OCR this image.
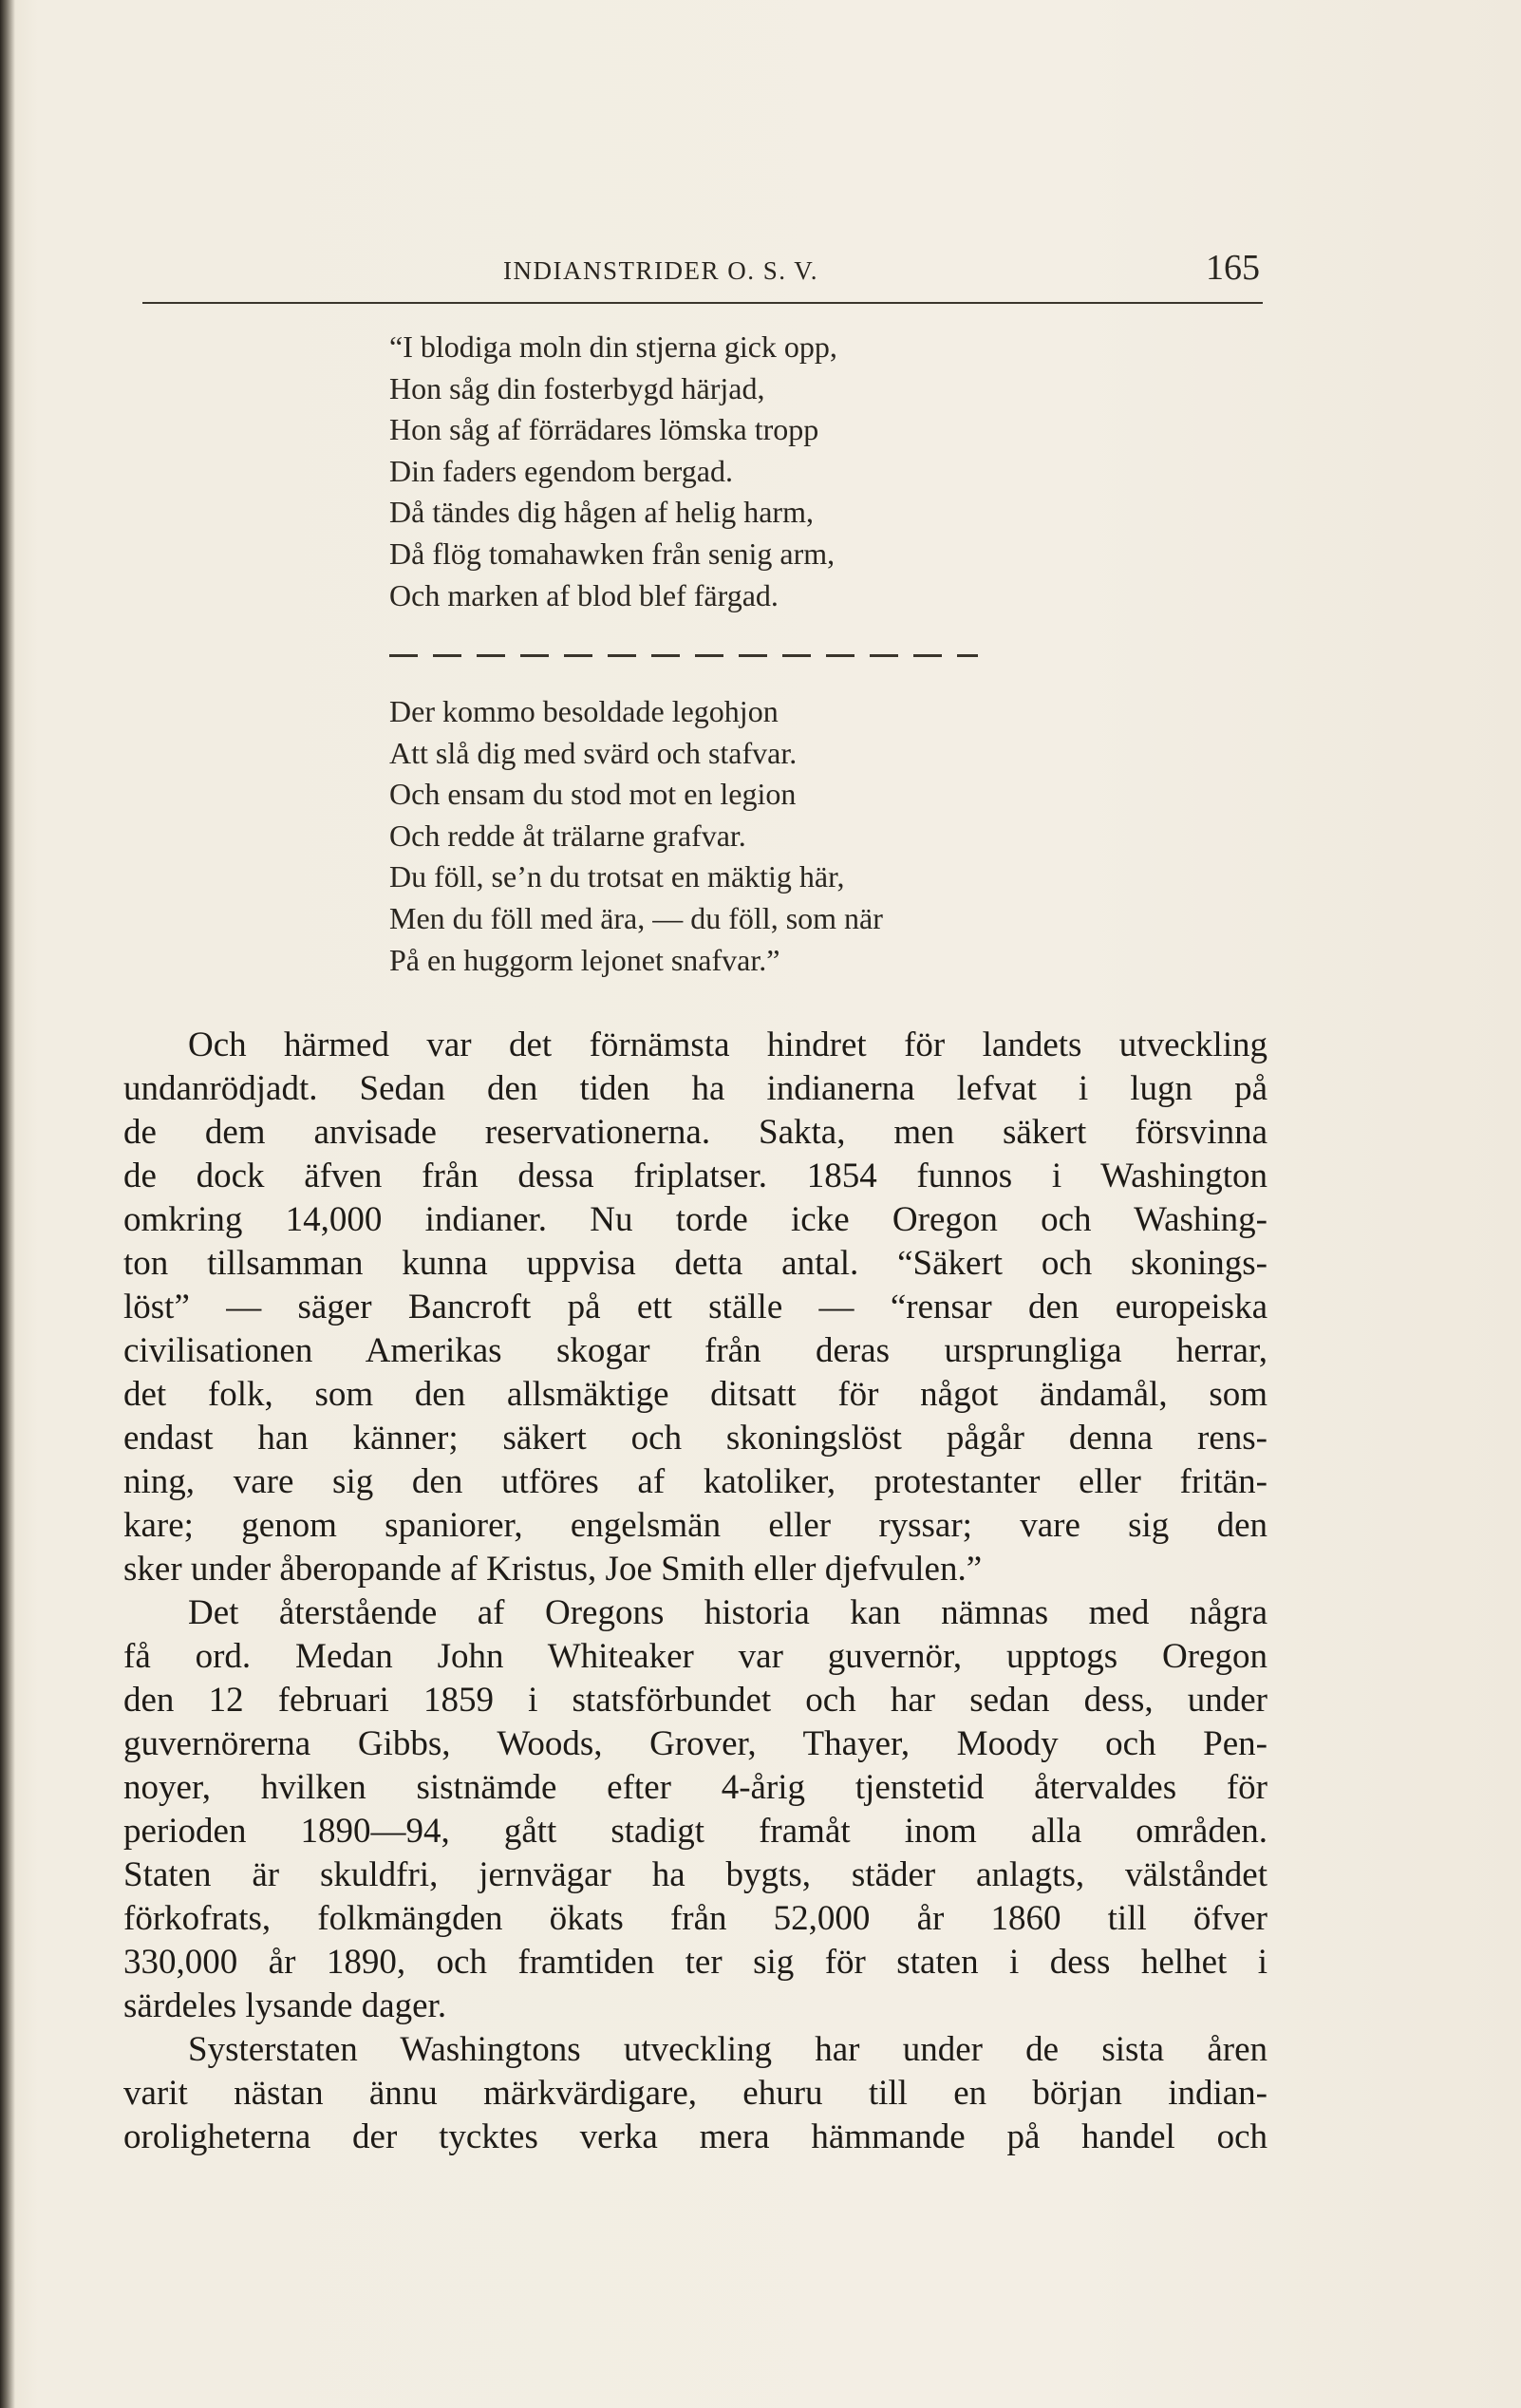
INDIANSTRIDER O. S. V.	165
“I blodiga moln din stjerna gick opp,
Hon såg din fosterbygd härjad,
Hon såg af förrädares lömska tropp
Din faders egendom bergad.
Då tändes dig hågen af helig harm,
Då flög tomahawken från senig arm,
Och marken af blod blef färgad.
Der kommo besoldade legohjon
Att slå dig med svärd och stafvar.
Och ensam du stod mot en legion
Och redde åt trälarne grafvar.
Du föll, se’n du trotsat en mäktig här,
Men du föll med ära, — du föll, som när
På en huggorm lejonet snafvar.”
Och härmed var det förnämsta hindret för landets utveckling
undanrödjadt. Sedan den tiden ha indianerna lefvat i lugn på
de dem anvisade reservationerna. Sakta, men säkert försvinna
de dock äfven från dessa friplatser. 1854 funnos i Washington
omkring 14,000 indianer. Nu torde icke Oregon och Washing-
ton tillsamman kunna uppvisa detta antal. “Säkert och skonings-
löst” — säger Bancroft på ett ställe — “rensar den europeiska
civilisationen Amerikas skogar från deras ursprungliga herrar,
det folk, som den allsmäktige ditsatt för något ändamål, som
endast han känner; säkert och skoningslöst pågår denna rens-
ning, vare sig den utföres af katoliker, protestanter eller fritän-
kare; genom spaniorer, engelsmän eller ryssar; vare sig den
sker under åberopande af Kristus, Joe Smith eller djefvulen.”
Det återstående af Oregons historia kan nämnas med några
få ord. Medan John Whiteaker var guvernör, upptogs Oregon
den 12 februari 1859 i statsförbundet och har sedan dess, under
guvernörerna Gibbs, Woods, Grover, Thayer, Moody och Pen-
noyer, hvilken sistnämde efter 4-årig tjenstetid återvaldes för
perioden 1890—94, gått stadigt framåt inom alla områden.
Staten är skuldfri, jernvägar ha bygts, städer anlagts, välståndet
förkofrats, folkmängden ökats från 52,000 år 1860 till öfver
330,000 år 1890, och framtiden ter sig för staten i dess helhet i
särdeles lysande dager.
Systerstaten Washingtons utveckling har under de sista åren
varit nästan ännu märkvärdigare, ehuru till en början indian-
oroligheterna der tycktes verka mera hämmande på handel och
